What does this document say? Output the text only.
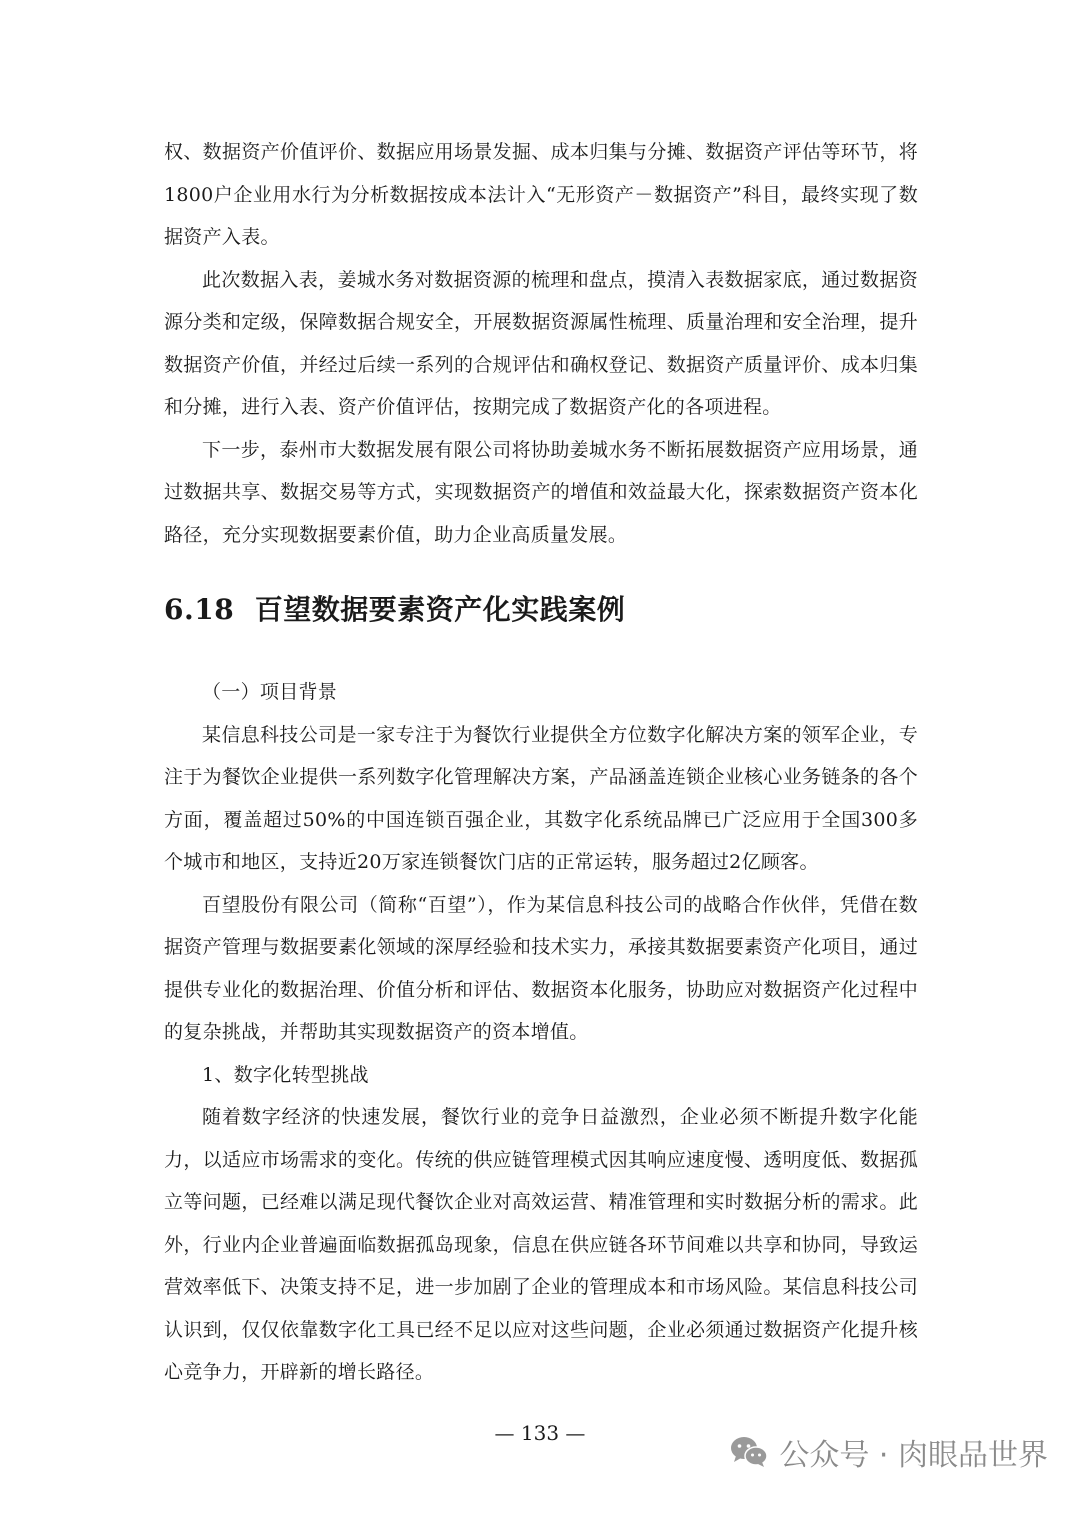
权、数据资产价值评价、数据应用场景发掘、成本归集与分摊、数据资产评估等环节，将1800户企业用水行为分析数据按成本法计入“无形资产－数据资产”科目，最终实现了数据资产入表。

此次数据入表，姜城水务对数据资源的梳理和盘点，摸清入表数据家底，通过数据资源分类和定级，保障数据合规安全，开展数据资源属性梳理、质量治理和安全治理，提升数据资产价值，并经过后续一系列的合规评估和确权登记、数据资产质量评价、成本归集和分摊，进行入表、资产价值评估，按期完成了数据资产化的各项进程。

下一步，泰州市大数据发展有限公司将协助姜城水务不断拓展数据资产应用场景，通过数据共享、数据交易等方式，实现数据资产的增值和效益最大化，探索数据资产资本化路径，充分实现数据要素价值，助力企业高质量发展。

6.18 百望数据要素资产化实践案例

（一）项目背景

某信息科技公司是一家专注于为餐饮行业提供全方位数字化解决方案的领军企业，专注于为餐饮企业提供一系列数字化管理解决方案，产品涵盖连锁企业核心业务链条的各个方面，覆盖超过50%的中国连锁百强企业，其数字化系统品牌已广泛应用于全国300多个城市和地区，支持近20万家连锁餐饮门店的正常运转，服务超过2亿顾客。

百望股份有限公司（简称“百望”），作为某信息科技公司的战略合作伙伴，凭借在数据资产管理与数据要素化领域的深厚经验和技术实力，承接其数据要素资产化项目，通过提供专业化的数据治理、价值分析和评估、数据资本化服务，协助应对数据资产化过程中的复杂挑战，并帮助其实现数据资产的资本增值。

1、数字化转型挑战

随着数字经济的快速发展，餐饮行业的竞争日益激烈，企业必须不断提升数字化能力，以适应市场需求的变化。传统的供应链管理模式因其响应速度慢、透明度低、数据孤立等问题，已经难以满足现代餐饮企业对高效运营、精准管理和实时数据分析的需求。此外，行业内企业普遍面临数据孤岛现象，信息在供应链各环节间难以共享和协同，导致运营效率低下、决策支持不足，进一步加剧了企业的管理成本和市场风险。某信息科技公司认识到，仅仅依靠数字化工具已经不足以应对这些问题，企业必须通过数据资产化提升核心竞争力，开辟新的增长路径。

— 133 —
公众号 · 肉眼品世界
